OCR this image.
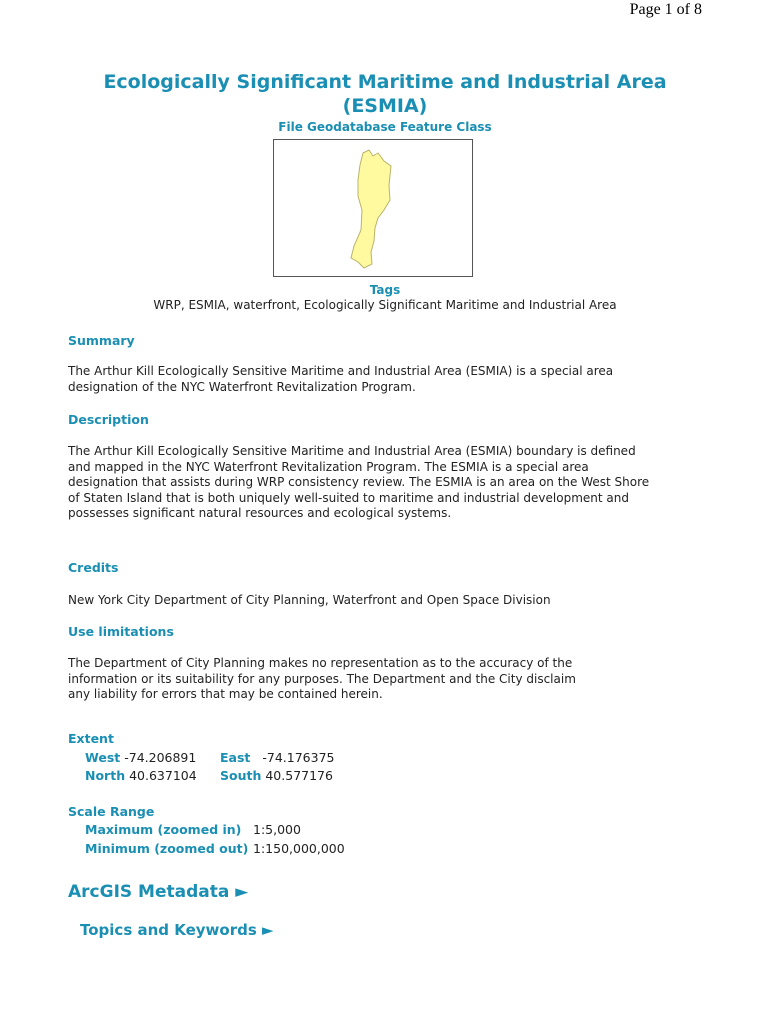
Page 1 of 8
Ecologically Significant Maritime and Industrial Area (ESMIA)
File Geodatabase Feature Class
Tags
WRP, ESMIA, waterfront, Ecologically Significant Maritime and Industrial Area
Summary
The Arthur Kill Ecologically Sensitive Maritime and Industrial Area (ESMIA) is a special area designation of the NYC Waterfront Revitalization Program.
Description
The Arthur Kill Ecologically Sensitive Maritime and Industrial Area (ESMIA) boundary is defined and mapped in the NYC Waterfront Revitalization Program. The ESMIA is a special area designation that assists during WRP consistency review. The ESMIA is an area on the West Shore of Staten Island that is both uniquely well-suited to maritime and industrial development and possesses significant natural resources and ecological systems.
Credits
New York City Department of City Planning, Waterfront and Open Space Division
Use limitations
The Department of City Planning makes no representation as to the accuracy of the information or its suitability for any purposes. The Department and the City disclaim any liability for errors that may be contained herein.
Extent
West -74.206891 East -74.176375
North 40.637104 South 40.577176
Scale Range
Maximum (zoomed in) 1:5,000
Minimum (zoomed out) 1:150,000,000
ArcGIS Metadata ►
Topics and Keywords ►
